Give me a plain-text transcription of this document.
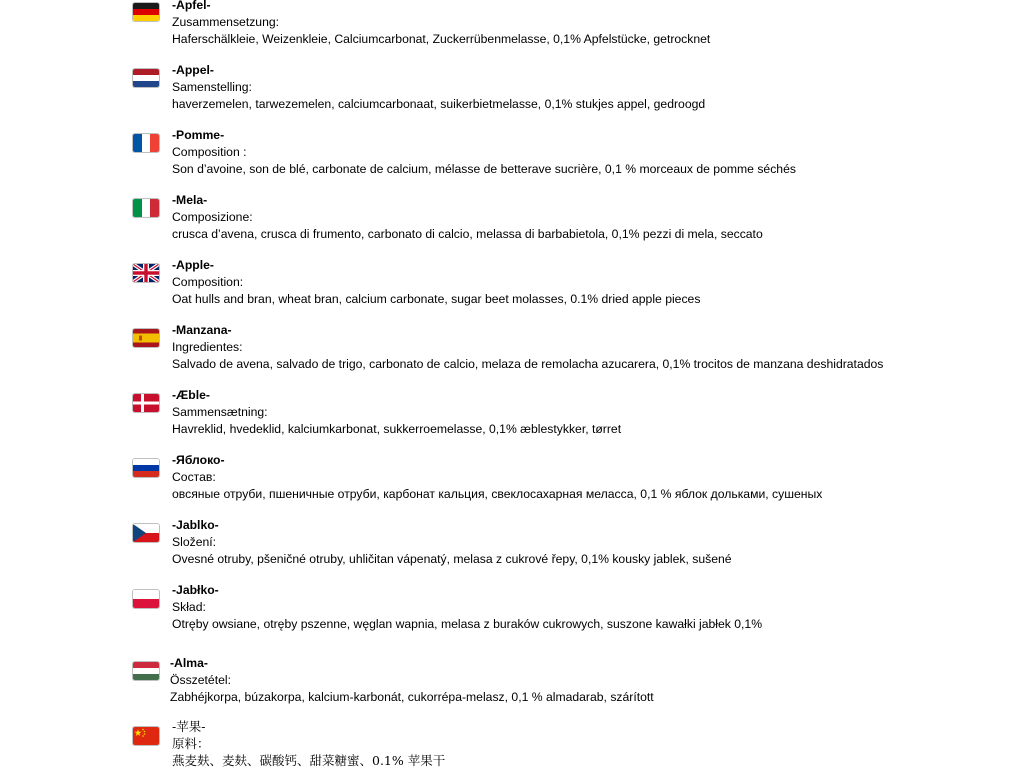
-Apfel-
Zusammensetzung:
Haferschälkleie, Weizenkleie, Calciumcarbonat, Zuckerrübenmelasse, 0,1% Apfelstücke, getrocknet
-Appel-
Samenstelling:
haverzemelen, tarwezemelen, calciumcarbonaat, suikerbietmelasse, 0,1% stukjes appel, gedroogd
-Pomme-
Composition :
Son d’avoine, son de blé, carbonate de calcium, mélasse de betterave sucrière, 0,1 % morceaux de pomme séchés
-Mela-
Composizione:
crusca d’avena, crusca di frumento, carbonato di calcio, melassa di barbabietola, 0,1% pezzi di mela, seccato
-Apple-
Composition:
Oat hulls and bran, wheat bran, calcium carbonate, sugar beet molasses, 0.1% dried apple pieces
-Manzana-
Ingredientes:
Salvado de avena, salvado de trigo, carbonato de calcio, melaza de remolacha azucarera, 0,1% trocitos de manzana deshidratados
-Æble-
Sammensætning:
Havreklid, hvedeklid, kalciumkarbonat, sukkerroemelasse, 0,1% æblestykker, tørret
-Яблоко-
Состав:
овсяные отруби, пшеничные отруби, карбонат кальция, свеклосахарная меласса, 0,1 % яблок дольками, сушеных
-Jablko-
Složení:
Ovesné otruby, pšeničné otruby, uhličitan vápenatý, melasa z cukrové řepy, 0,1% kousky jablek, sušené
-Jabłko-
Skład:
Otręby owsiane, otręby pszenne, węglan wapnia, melasa z buraków cukrowych, suszone kawałki jabłek 0,1%
-Alma-
Összetétel:
Zabhéjkorpa, búzakorpa, kalcium-karbonát, cukorrépa-melasz, 0,1 % almadarab, szárított
-苹果-
原料：
燕麦麸、麦麸、碳酸钙、甜菜糖蜜、0.1% 苹果干
